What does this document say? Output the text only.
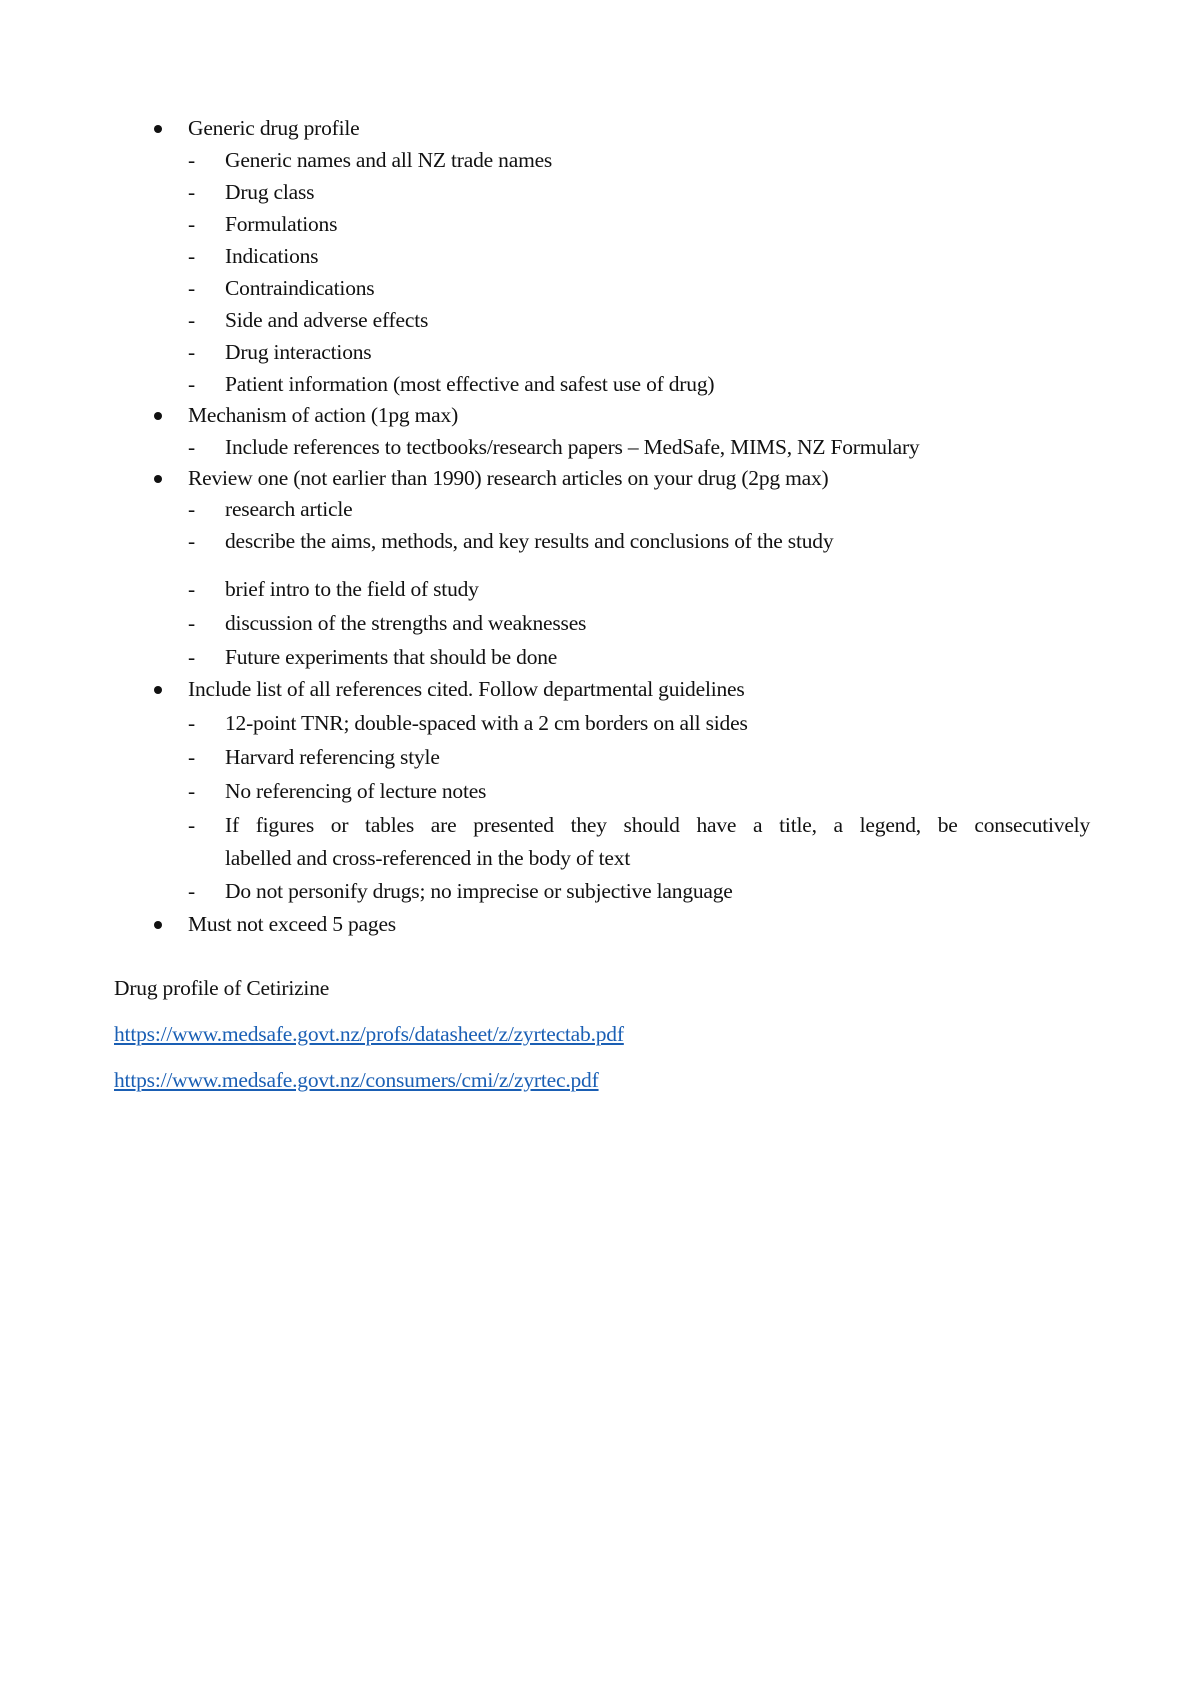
Generic drug profile
- Generic names and all NZ trade names
- Drug class
- Formulations
- Indications
- Contraindications
- Side and adverse effects
- Drug interactions
- Patient information (most effective and safest use of drug)
Mechanism of action (1pg max)
- Include references to tectbooks/research papers – MedSafe, MIMS, NZ Formulary
Review one (not earlier than 1990) research articles on your drug (2pg max)
- research article
- describe the aims, methods, and key results and conclusions of the study
- brief intro to the field of study
- discussion of the strengths and weaknesses
- Future experiments that should be done
Include list of all references cited. Follow departmental guidelines
- 12-point TNR; double-spaced with a 2 cm borders on all sides
- Harvard referencing style
- No referencing of lecture notes
- If figures or tables are presented they should have a title, a legend, be consecutively
labelled and cross-referenced in the body of text
- Do not personify drugs; no imprecise or subjective language
Must not exceed 5 pages
Drug profile of Cetirizine
https://www.medsafe.govt.nz/profs/datasheet/z/zyrtectab.pdf
https://www.medsafe.govt.nz/consumers/cmi/z/zyrtec.pdf
